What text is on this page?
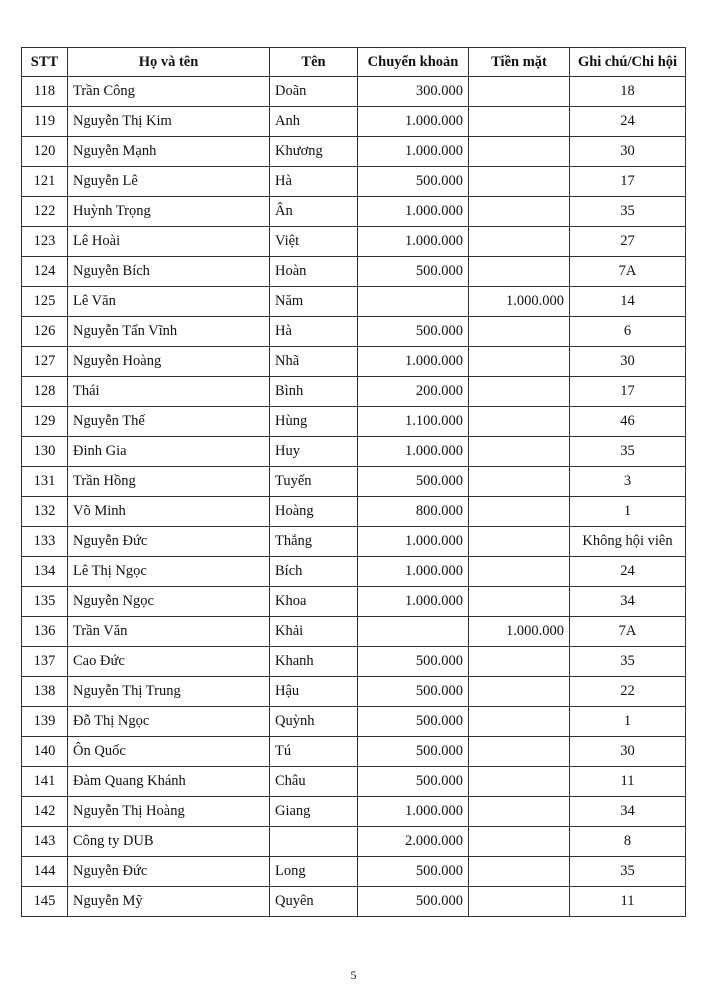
STT	Họ và tên	Tên	Chuyển khoản	Tiền mặt	Ghi chú/Chi hội
118	Trần Công	Doãn	300.000		18
119	Nguyễn Thị Kim	Anh	1.000.000		24
120	Nguyễn Mạnh	Khương	1.000.000		30
121	Nguyễn Lê	Hà	500.000		17
122	Huỳnh Trọng	Ân	1.000.000		35
123	Lê Hoài	Việt	1.000.000		27
124	Nguyễn Bích	Hoàn	500.000		7A
125	Lê Văn	Năm		1.000.000	14
126	Nguyễn Tấn Vĩnh	Hà	500.000		6
127	Nguyễn Hoàng	Nhã	1.000.000		30
128	Thái	Bình	200.000		17
129	Nguyễn Thế	Hùng	1.100.000		46
130	Đinh Gia	Huy	1.000.000		35
131	Trần Hồng	Tuyến	500.000		3
132	Võ Minh	Hoàng	800.000		1
133	Nguyễn Đức	Thắng	1.000.000		Không hội viên
134	Lê Thị Ngọc	Bích	1.000.000		24
135	Nguyễn Ngọc	Khoa	1.000.000		34
136	Trần Văn	Khải		1.000.000	7A
137	Cao Đức	Khanh	500.000		35
138	Nguyễn Thị Trung	Hậu	500.000		22
139	Đỗ Thị Ngọc	Quỳnh	500.000		1
140	Ôn Quốc	Tú	500.000		30
141	Đàm Quang Khánh	Châu	500.000		11
142	Nguyễn Thị Hoàng	Giang	1.000.000		34
143	Công ty DUB		2.000.000		8
144	Nguyễn Đức	Long	500.000		35
145	Nguyễn Mỹ	Quyên	500.000		11
5
